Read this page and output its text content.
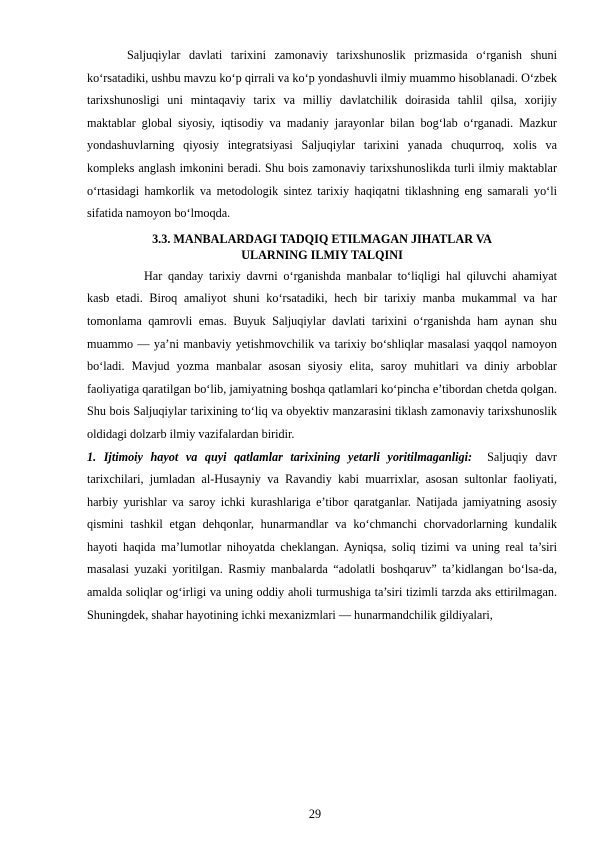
Saljuqiylar davlati tarixini zamonaviy tarixshunoslik prizmasida o‘rganish shuni ko‘rsatadiki, ushbu mavzu ko‘p qirrali va ko‘p yondashuvli ilmiy muammo hisoblanadi. O‘zbek tarixshunosligi uni mintaqaviy tarix va milliy davlatchilik doirasida tahlil qilsa, xorijiy maktablar global siyosiy, iqtisodiy va madaniy jarayonlar bilan bog‘lab o‘rganadi. Mazkur yondashuvlarning qiyosiy integratsiyasi Saljuqiylar tarixini yanada chuqurroq, xolis va kompleks anglash imkonini beradi. Shu bois zamonaviy tarixshunoslikda turli ilmiy maktablar o‘rtasidagi hamkorlik va metodologik sintez tarixiy haqiqatni tiklashning eng samarali yo‘li sifatida namoyon bo‘lmoqda.

3.3. MANBALARDAGI TADQIQ ETILMAGAN JIHATLAR VA
ULARNING ILMIY TALQINI

Har qanday tarixiy davrni o‘rganishda manbalar to‘liqligi hal qiluvchi ahamiyat kasb etadi. Biroq amaliyot shuni ko‘rsatadiki, hech bir tarixiy manba mukammal va har tomonlama qamrovli emas. Buyuk Saljuqiylar davlati tarixini o‘rganishda ham aynan shu muammo — ya’ni manbaviy yetishmovchilik va tarixiy bo‘shliqlar masalasi yaqqol namoyon bo‘ladi. Mavjud yozma manbalar asosan siyosiy elita, saroy muhitlari va diniy arboblar faoliyatiga qaratilgan bo‘lib, jamiyatning boshqa qatlamlari ko‘pincha e’tibordan chetda qolgan. Shu bois Saljuqiylar tarixining to‘liq va obyektiv manzarasini tiklash zamonaviy tarixshunoslik oldidagi dolzarb ilmiy vazifalardan biridir.

1. Ijtimoiy hayot va quyi qatlamlar tarixining yetarli yoritilmaganligi: Saljuqiy davr tarixchilari, jumladan al-Husayniy va Ravandiy kabi muarrixlar, asosan sultonlar faoliyati, harbiy yurishlar va saroy ichki kurashlariga e’tibor qaratganlar. Natijada jamiyatning asosiy qismini tashkil etgan dehqonlar, hunarmandlar va ko‘chmanchi chorvadorlarning kundalik hayoti haqida ma’lumotlar nihoyatda cheklangan. Ayniqsa, soliq tizimi va uning real ta’siri masalasi yuzaki yoritilgan. Rasmiy manbalarda “adolatli boshqaruv” ta’kidlangan bo‘lsa-da, amalda soliqlar og‘irligi va uning oddiy aholi turmushiga ta’siri tizimli tarzda aks ettirilmagan. Shuningdek, shahar hayotining ichki mexanizmlari — hunarmandchilik gildiyalari,

29
